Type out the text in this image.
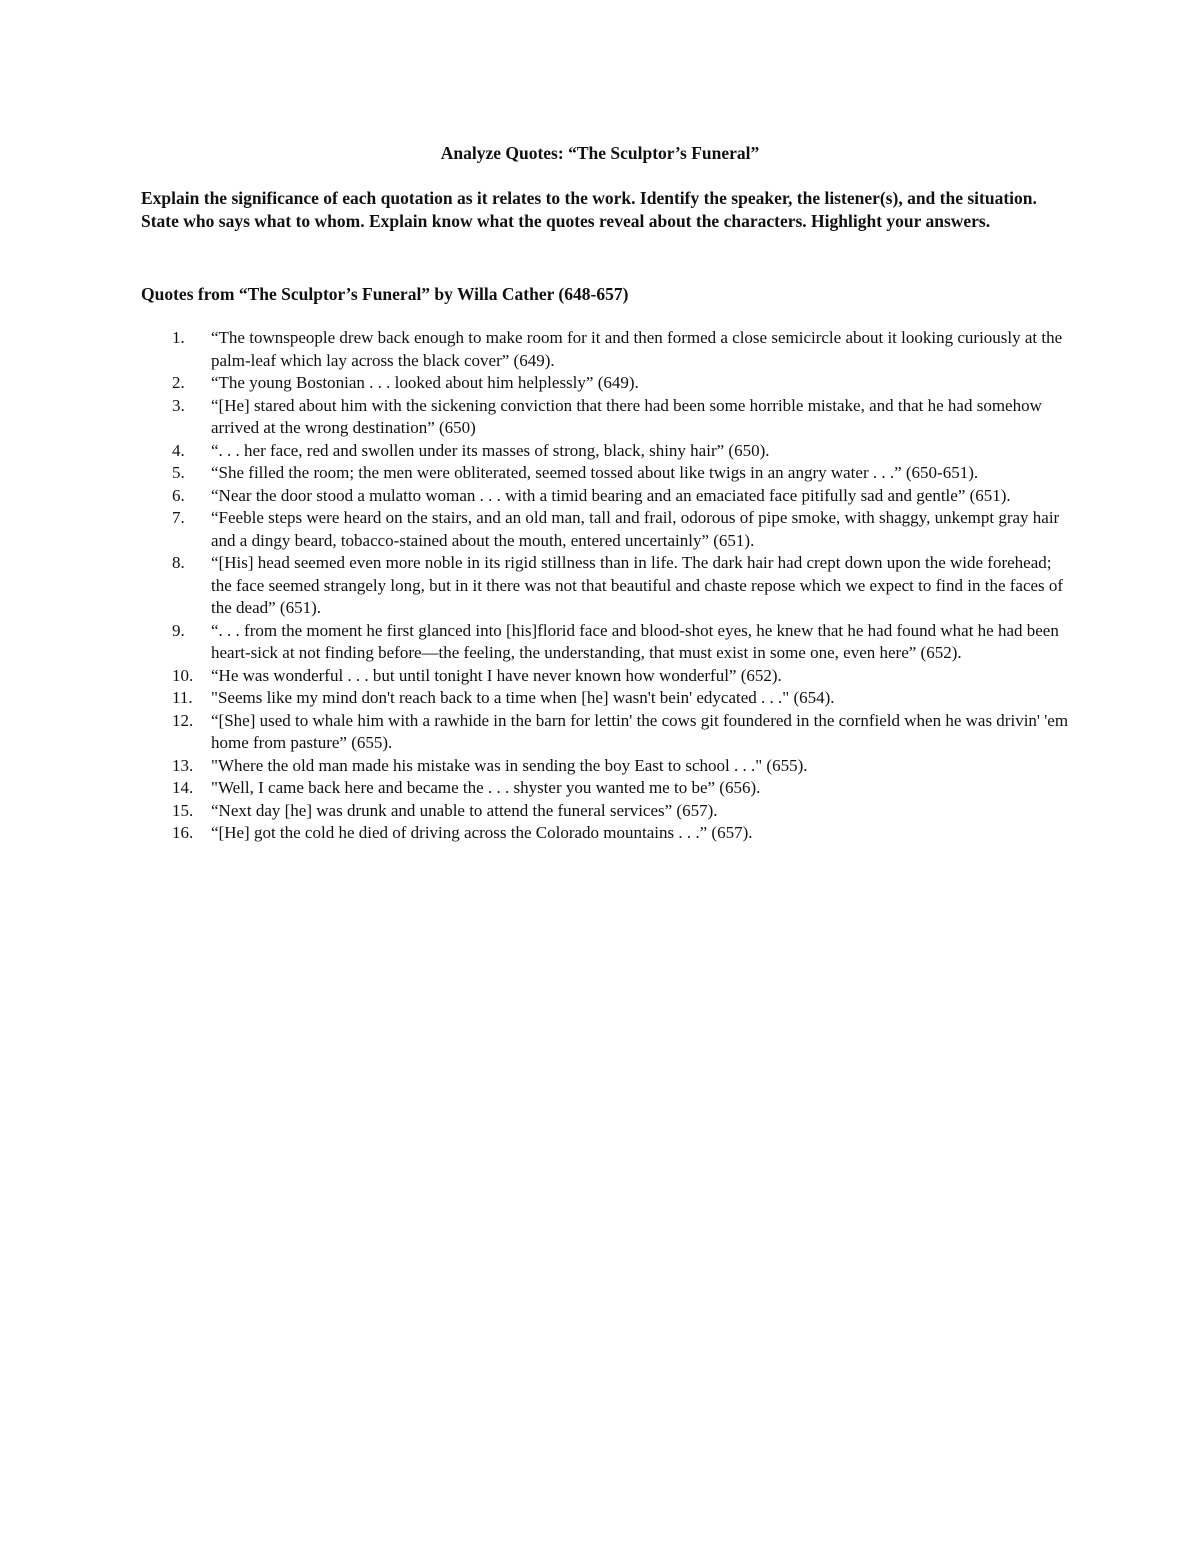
Analyze Quotes: “The Sculptor’s Funeral”
Explain the significance of each quotation as it relates to the work. Identify the speaker, the listener(s), and the situation. State who says what to whom. Explain know what the quotes reveal about the characters. Highlight your answers.
Quotes from “The Sculptor’s Funeral” by Willa Cather (648-657)
1.	“The townspeople drew back enough to make room for it and then formed a close semicircle about it looking curiously at the palm-leaf which lay across the black cover” (649).
2.	“The young Bostonian . . . looked about him helplessly” (649).
3.	“[He] stared about him with the sickening conviction that there had been some horrible mistake, and that he had somehow arrived at the wrong destination” (650)
4.	“. . . her face, red and swollen under its masses of strong, black, shiny hair” (650).
5.	“She filled the room; the men were obliterated, seemed tossed about like twigs in an angry water . . .” (650-651).
6.	“Near the door stood a mulatto woman . . . with a timid bearing and an emaciated face pitifully sad and gentle” (651).
7.	“Feeble steps were heard on the stairs, and an old man, tall and frail, odorous of pipe smoke, with shaggy, unkempt gray hair and a dingy beard, tobacco-stained about the mouth, entered uncertainly” (651).
8.	“[His] head seemed even more noble in its rigid stillness than in life. The dark hair had crept down upon the wide forehead; the face seemed strangely long, but in it there was not that beautiful and chaste repose which we expect to find in the faces of the dead” (651).
9.	“. . . from the moment he first glanced into [his]florid face and blood-shot eyes, he knew that he had found what he had been heart-sick at not finding before—the feeling, the understanding, that must exist in some one, even here” (652).
10.	“He was wonderful . . . but until tonight I have never known how wonderful” (652).
11.	"Seems like my mind don't reach back to a time when [he] wasn't bein' edycated . . ." (654).
12.	“[She] used to whale him with a rawhide in the barn for lettin' the cows git foundered in the cornfield when he was drivin' 'em home from pasture” (655).
13.	"Where the old man made his mistake was in sending the boy East to school . . ." (655).
14.	"Well, I came back here and became the . . . shyster you wanted me to be” (656).
15.	“Next day [he] was drunk and unable to attend the funeral services” (657).
16.	“[He] got the cold he died of driving across the Colorado mountains . . .” (657).
